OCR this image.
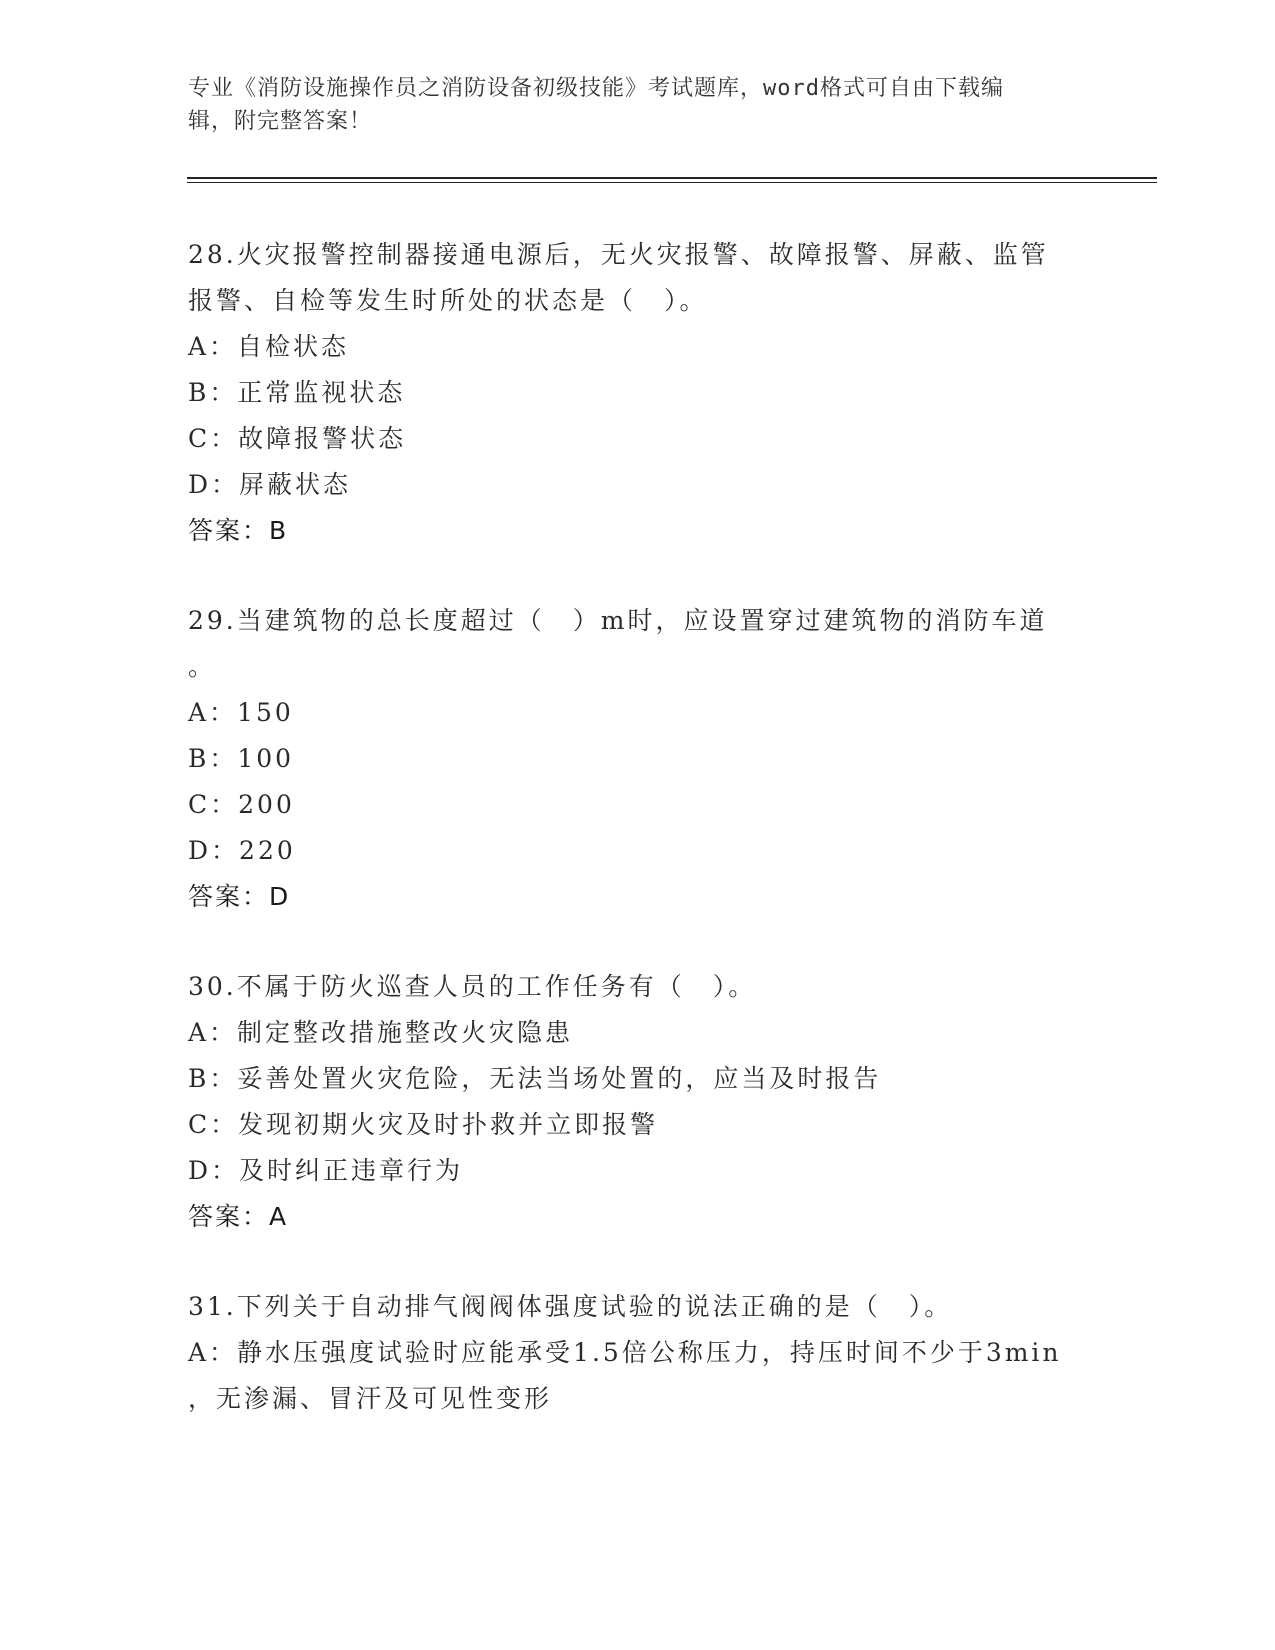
专业《消防设施操作员之消防设备初级技能》考试题库，word格式可自由下载编
辑，附完整答案！
28.火灾报警控制器接通电源后，无火灾报警、故障报警、屏蔽、监管
报警、自检等发生时所处的状态是（　）。
A：自检状态
B：正常监视状态
C：故障报警状态
D：屏蔽状态
答案：B
29.当建筑物的总长度超过（　）m时，应设置穿过建筑物的消防车道
。
A：150
B：100
C：200
D：220
答案：D
30.不属于防火巡查人员的工作任务有（　）。
A：制定整改措施整改火灾隐患
B：妥善处置火灾危险，无法当场处置的，应当及时报告
C：发现初期火灾及时扑救并立即报警
D：及时纠正违章行为
答案：A
31.下列关于自动排气阀阀体强度试验的说法正确的是（　）。
A：静水压强度试验时应能承受1.5倍公称压力，持压时间不少于3min
，无渗漏、冒汗及可见性变形
